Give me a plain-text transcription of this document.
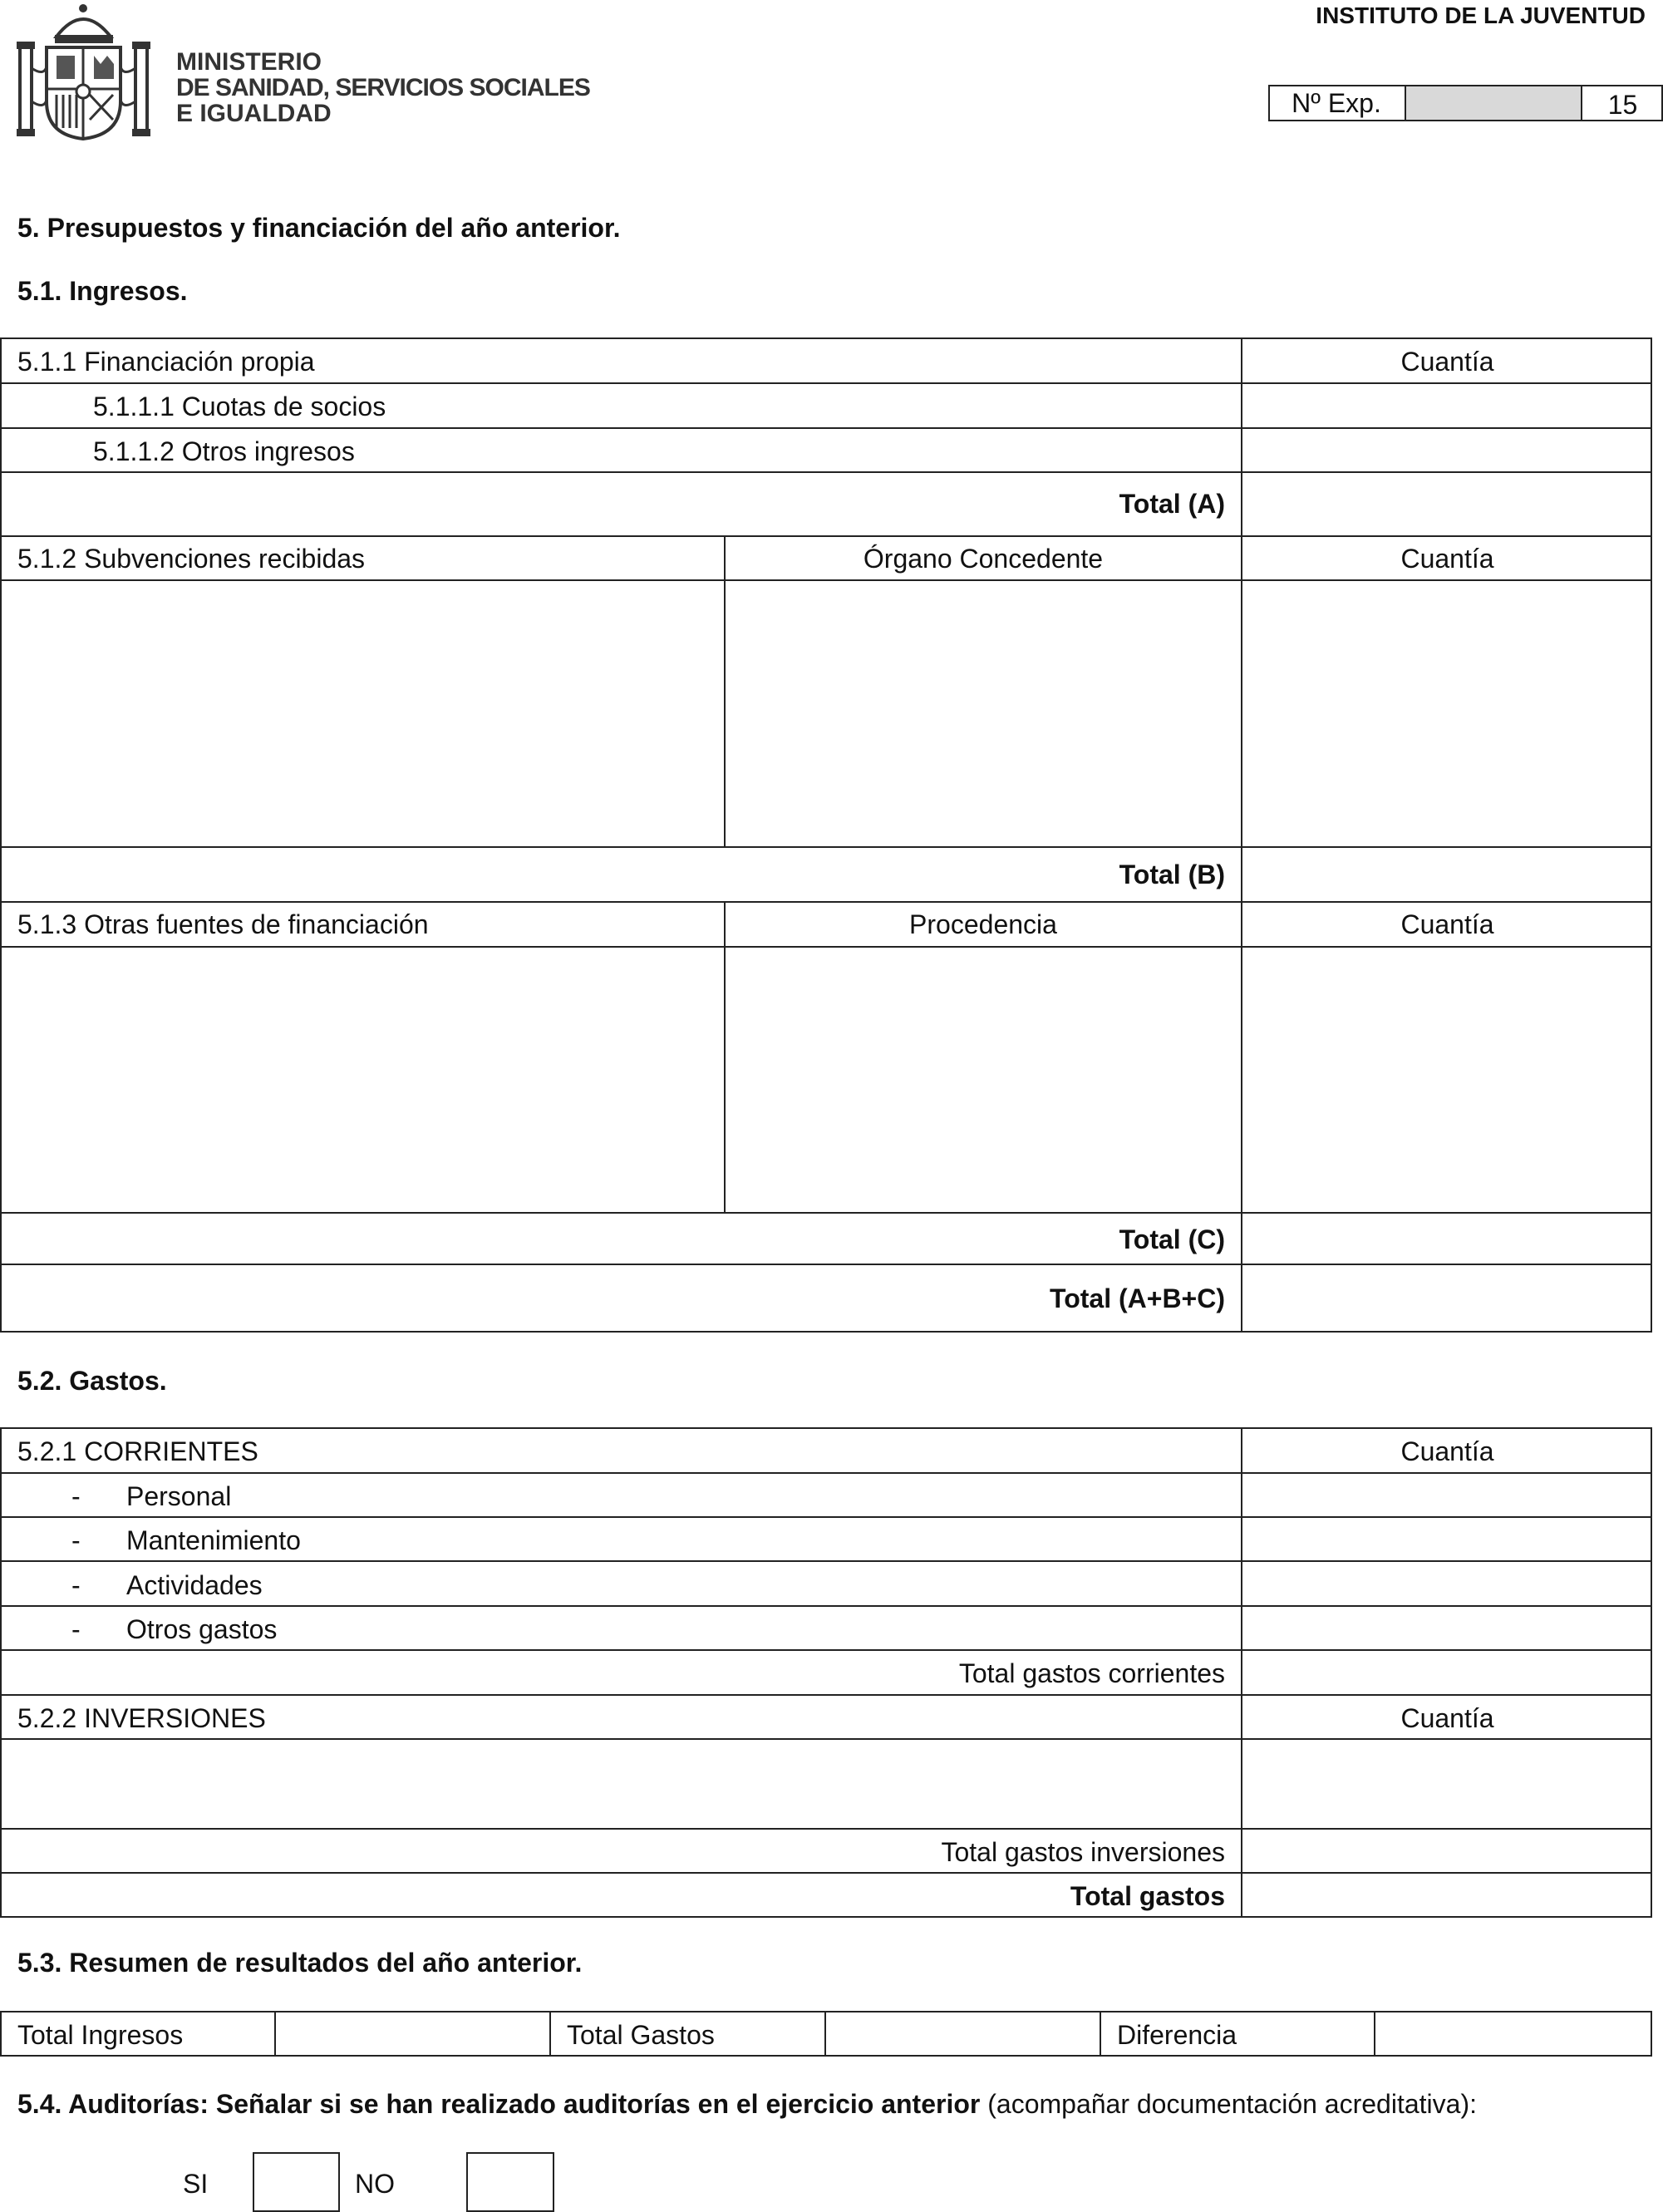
MINISTERIO
DE SANIDAD, SERVICIOS SOCIALES
E IGUALDAD
INSTITUTO DE LA JUVENTUD
Nº Exp.	15
5. Presupuestos y financiación del año anterior.
5.1. Ingresos.
5.1.1 Financiación propia	Cuantía
5.1.1.1 Cuotas de socios
5.1.1.2 Otros ingresos
Total (A)
5.1.2 Subvenciones recibidas	Órgano Concedente	Cuantía
Total (B)
5.1.3 Otras fuentes de financiación	Procedencia	Cuantía
Total (C)
Total (A+B+C)
5.2. Gastos.
5.2.1 CORRIENTES	Cuantía
- Personal
- Mantenimiento
- Actividades
- Otros gastos
Total gastos corrientes
5.2.2 INVERSIONES	Cuantía
Total gastos inversiones
Total gastos
5.3. Resumen de resultados del año anterior.
Total Ingresos	Total Gastos	Diferencia
5.4. Auditorías: Señalar si se han realizado auditorías en el ejercicio anterior (acompañar documentación acreditativa):
SI	NO
